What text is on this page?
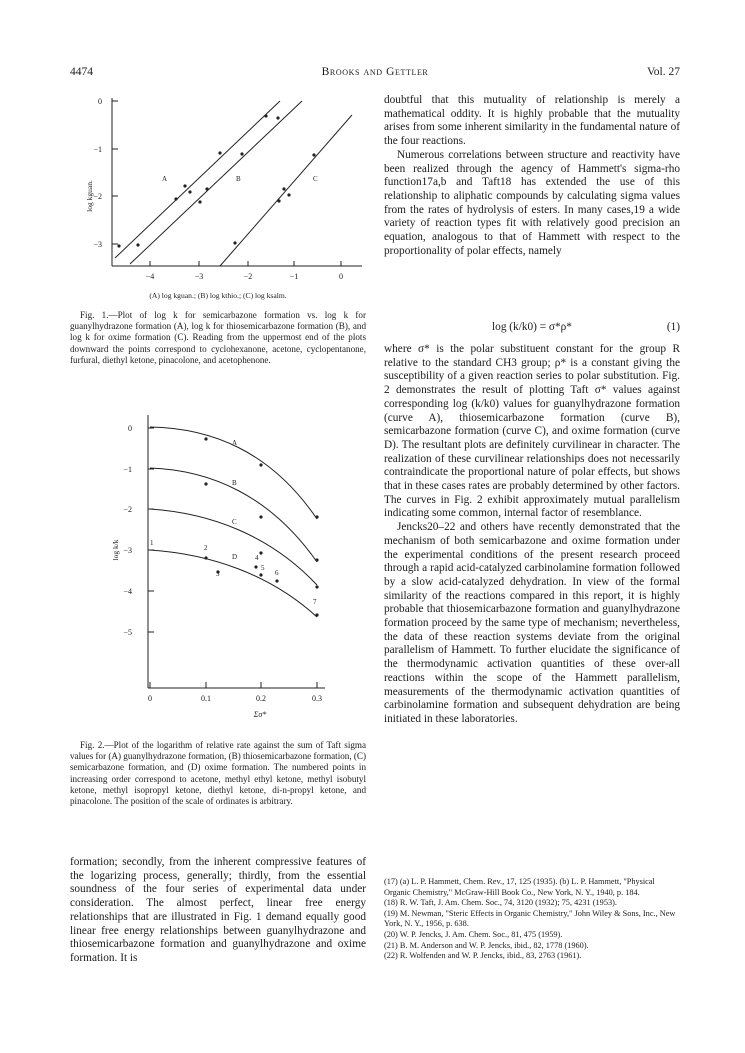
4474	Brooks and Gettler	Vol. 27
0
−1
−2
−3
log kguan.
−4	−3	−2	−1	0
(A) log kguan.; (B) log kthio.; (C) log ksalm.
A	B	C
Fig. 1.—Plot of log k for semicarbazone formation vs. log k for guanylhydrazone formation (A), log k for thiosemicarbazone formation (B), and log k for oxime formation (C). Reading from the uppermost end of the plots downward the points correspond to cyclohexanone, acetone, cyclopentanone, furfural, diethyl ketone, pinacolone, and acetophenone.
0
−1
−2
−3
−4
−5
log k/k
0	0.1	0.2	0.3
Σσ*
A
B
C
D
1
2
3
4
5
6
7
Fig. 2.—Plot of the logarithm of relative rate against the sum of Taft sigma values for (A) guanylhydrazone formation, (B) thiosemicarbazone formation, (C) semicarbazone formation, and (D) oxime formation. The numbered points in increasing order correspond to acetone, methyl ethyl ketone, methyl isobutyl ketone, methyl isopropyl ketone, diethyl ketone, di-n-propyl ketone, and pinacolone. The position of the scale of ordinates is arbitrary.

formation; secondly, from the inherent compressive features of the logarizing process, generally; thirdly, from the essential soundness of the four series of experimental data under consideration. The almost perfect, linear free energy relationships that are illustrated in Fig. 1 demand equally good linear free energy relationships between guanylhydrazone and thiosemicarbazone formation and guanylhydrazone and oxime formation. It is

doubtful that this mutuality of relationship is merely a mathematical oddity. It is highly probable that the mutuality arises from some inherent similarity in the fundamental nature of the four reactions.

Numerous correlations between structure and reactivity have been realized through the agency of Hammett's sigma-rho function17a,b and Taft18 has extended the use of this relationship to aliphatic compounds by calculating sigma values from the rates of hydrolysis of esters. In many cases,19 a wide variety of reaction types fit with relatively good precision an equation, analogous to that of Hammett with respect to the proportionality of polar effects, namely

log (k/k0) = σ*ρ*	(1)

where σ* is the polar substituent constant for the group R relative to the standard CH3 group; ρ* is a constant giving the susceptibility of a given reaction series to polar substitution. Fig. 2 demonstrates the result of plotting Taft σ* values against corresponding log (k/k0) values for guanylhydrazone formation (curve A), thiosemicarbazone formation (curve B), semicarbazone formation (curve C), and oxime formation (curve D). The resultant plots are definitely curvilinear in character. The realization of these curvilinear relationships does not necessarily contraindicate the proportional nature of polar effects, but shows that in these cases rates are probably determined by other factors. The curves in Fig. 2 exhibit approximately mutual parallelism indicating some common, internal factor of resemblance.

Jencks20–22 and others have recently demonstrated that the mechanism of both semicarbazone and oxime formation under the experimental conditions of the present research proceed through a rapid acid-catalyzed carbinolamine formation followed by a slow acid-catalyzed dehydration. In view of the formal similarity of the reactions compared in this report, it is highly probable that thiosemicarbazone formation and guanylhydrazone formation proceed by the same type of mechanism; nevertheless, the data of these reaction systems deviate from the original parallelism of Hammett. To further elucidate the significance of the thermodynamic activation quantities of these over-all reactions within the scope of the Hammett parallelism, measurements of the thermodynamic activation quantities of carbinolamine formation and subsequent dehydration are being initiated in these laboratories.

(17) (a) L. P. Hammett, Chem. Rev., 17, 125 (1935). (b) L. P. Hammett, "Physical Organic Chemistry," McGraw-Hill Book Co., New York, N. Y., 1940, p. 184.

(18) R. W. Taft, J. Am. Chem. Soc., 74, 3120 (1932); 75, 4231 (1953).

(19) M. Newman, "Steric Effects in Organic Chemistry," John Wiley & Sons, Inc., New York, N. Y., 1956, p. 638.

(20) W. P. Jencks, J. Am. Chem. Soc., 81, 475 (1959).

(21) B. M. Anderson and W. P. Jencks, ibid., 82, 1778 (1960).

(22) R. Wolfenden and W. P. Jencks, ibid., 83, 2763 (1961).
